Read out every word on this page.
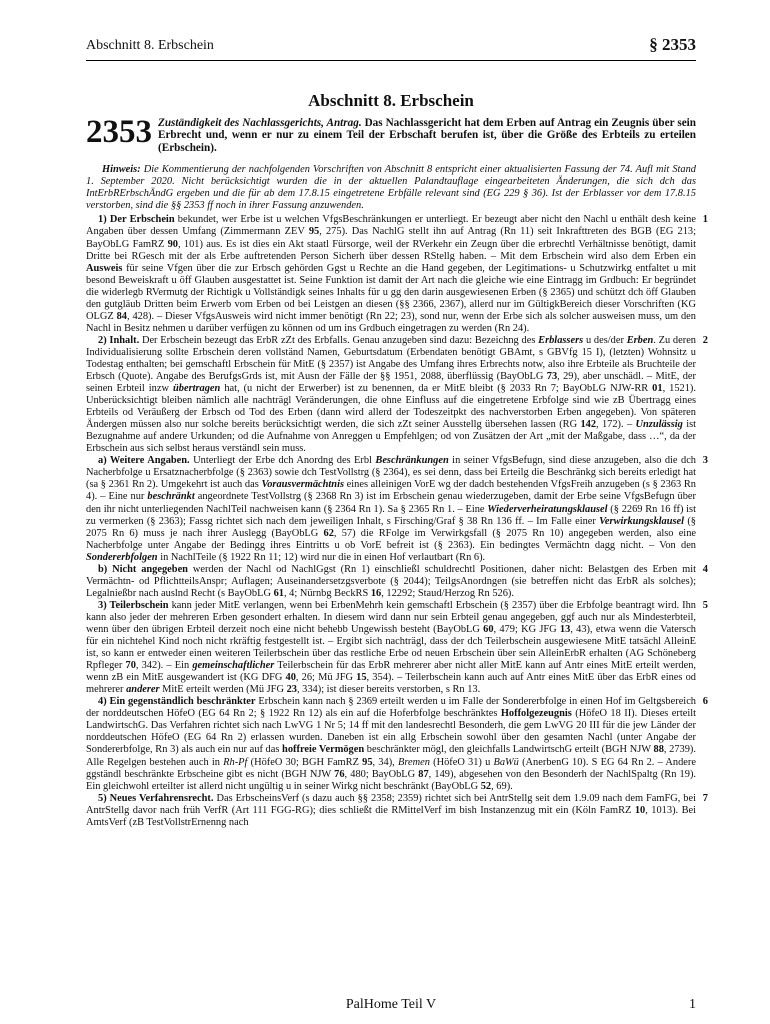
Abschnitt 8. Erbschein	§ 2353
Abschnitt 8. Erbschein

2353 Zuständigkeit des Nachlassgerichts, Antrag. Das Nachlassgericht hat dem Erben auf Antrag ein Zeugnis über sein Erbrecht und, wenn er nur zu einem Teil der Erbschaft berufen ist, über die Größe des Erbteils zu erteilen (Erbschein).

Hinweis: Die Kommentierung der nachfolgenden Vorschriften von Abschnitt 8 entspricht einer aktualisierten Fassung der 74. Aufl mit Stand 1. September 2020. Nicht berücksichtigt wurden die in der aktuellen Palandtauflage eingearbeiteten Änderungen, die sich dch das IntErbRErbschÄndG ergeben und die für ab dem 17.8.15 eingetretene Erbfälle relevant sind (EG 229 § 36). Ist der Erblasser vor dem 17.8.15 verstorben, sind die §§ 2353 ff noch in ihrer Fassung anzuwenden.

1) Der Erbschein bekundet, wer Erbe ist u welchen VfgsBeschränkungen er unterliegt. Er bezeugt aber nicht den Nachl u enthält desh keine Angaben über dessen Umfang (Zimmermann ZEV 95, 275). Das NachlG stellt ihn auf Antrag (Rn 11) seit Inkrafttreten des BGB (EG 213; BayObLG FamRZ 90, 101) aus. Es ist dies ein Akt staatl Fürsorge, weil der RVerkehr ein Zeugn über die erbrechtl Verhältnisse benötigt, damit Dritte bei RGesch mit der als Erbe auftretenden Person Sicherh über dessen RStellg haben. – Mit dem Erbschein wird also dem Erben ein Ausweis für seine Vfgen über die zur Erbsch gehörden Ggst u Rechte an die Hand gegeben, der Legitimations- u Schutzwirkg entfaltet u mit besond Beweiskraft u öff Glauben ausgestattet ist. Seine Funktion ist damit der Art nach die gleiche wie eine Eintragg im Grdbuch: Er begründet die widerlegb RVermutg der Richtigk u Vollständigk seines Inhalts für u gg den darin ausgewiesenen Erben (§ 2365) und schützt dch öff Glauben den gutgläub Dritten beim Erwerb vom Erben od bei Leistgen an diesen (§§ 2366, 2367), allerd nur im GültigkBereich dieser Vorschriften (KG OLGZ 84, 428). – Dieser VfgsAusweis wird nicht immer benötigt (Rn 22; 23), sond nur, wenn der Erbe sich als solcher ausweisen muss, um den Nachl in Besitz nehmen u darüber verfügen zu können od um ins Grdbuch eingetragen zu werden (Rn 24).
1

2) Inhalt. Der Erbschein bezeugt das ErbR zZt des Erbfalls. Genau anzugeben sind dazu: Bezeichng des Erblassers u des/der Erben. Zu deren Individualisierung sollte Erbschein deren vollständ Namen, Geburtsdatum (Erbendaten benötigt GBAmt, s GBVfg 15 I), (letzten) Wohnsitz u Todestag enthalten; bei gemschaftl Erbschein für MitE (§ 2357) ist Angabe des Umfang ihres Erbrechts notw, also ihre Erbteile als Bruchteile der Erbsch (Quote). Angabe des BerufgsGrds ist, mit Ausn der Fälle der §§ 1951, 2088, überflüssig (BayObLG 73, 29), aber unschädl. – MitE, der seinen Erbteil inzw übertragen hat, (u nicht der Erwerber) ist zu benennen, da er MitE bleibt (§ 2033 Rn 7; BayObLG NJW-RR 01, 1521). Unberücksichtigt bleiben nämlich alle nachträgl Veränderungen, die ohne Einfluss auf die eingetretene Erbfolge sind wie zB Übertragg eines Erbteils od Veräußerg der Erbsch od Tod des Erben (dann wird allerd der Todeszeitpkt des nachverstorben Erben angegeben). Von späteren Ändergen müssen also nur solche bereits berücksichtigt werden, die sich zZt seiner Ausstellg übersehen lassen (RG 142, 172). – Unzulässig ist Bezugnahme auf andere Urkunden; od die Aufnahme von Anreggen u Empfehlgen; od von Zusätzen der Art „mit der Maßgabe, dass …“, da der Erbschein aus sich selbst heraus verständl sein muss.
2

a) Weitere Angaben. Unterliegt der Erbe dch Anordng des Erbl Beschränkungen in seiner VfgsBefugn, sind diese anzugeben, also die dch Nacherbfolge u Ersatznacherbfolge (§ 2363) sowie dch TestVollstrg (§ 2364), es sei denn, dass bei Erteilg die Beschränkg sich bereits erledigt hat (sa § 2361 Rn 2). Umgekehrt ist auch das Vorausvermächtnis eines alleinigen VorE wg der dadch bestehenden VfgsFreih anzugeben (s § 2363 Rn 4). – Eine nur beschränkt angeordnete TestVollstrg (§ 2368 Rn 3) ist im Erbschein genau wiederzugeben, damit der Erbe seine VfgsBefugn über den ihr nicht unterliegenden NachlTeil nachweisen kann (§ 2364 Rn 1). Sa § 2365 Rn 1. – Eine Wiederverheiratungsklausel (§ 2269 Rn 16 ff) ist zu vermerken (§ 2363); Fassg richtet sich nach dem jeweiligen Inhalt, s Firsching/Graf § 38 Rn 136 ff. – Im Falle einer Verwirkungsklausel (§ 2075 Rn 6) muss je nach ihrer Auslegg (BayObLG 62, 57) die RFolge im Verwirkgsfall (§ 2075 Rn 10) angegeben werden, also eine Nacherbfolge unter Angabe der Bedingg ihres Eintritts u ob VorE befreit ist (§ 2363). Ein bedingtes Vermächtn dagg nicht. – Von den Sondererbfolgen in NachlTeile (§ 1922 Rn 11; 12) wird nur die in einen Hof verlautbart (Rn 6).
3

b) Nicht angegeben werden der Nachl od NachlGgst (Rn 1) einschließl schuldrechtl Positionen, daher nicht: Belastgen des Erben mit Vermächtn- od PflichtteilsAnspr; Auflagen; Auseinandersetzgsverbote (§ 2044); TeilgsAnordngen (sie betreffen nicht das ErbR als solches); Legalnießbr nach auslnd Recht (s BayObLG 61, 4; Nürnbg BeckRS 16, 12292; Staud/Herzog Rn 526).
4

3) Teilerbschein kann jeder MitE verlangen, wenn bei ErbenMehrh kein gemschaftl Erbschein (§ 2357) über die Erbfolge beantragt wird. Ihn kann also jeder der mehreren Erben gesondert erhalten. In diesem wird dann nur sein Erbteil genau angegeben, ggf auch nur als Mindesterbteil, wenn über den übrigen Erbteil derzeit noch eine nicht behebb Ungewissh besteht (BayObLG 60, 479; KG JFG 13, 43), etwa wenn die Vatersch für ein nichtehel Kind noch nicht rkräftig festgestellt ist. – Ergibt sich nachträgl, dass der dch Teilerbschein ausgewiesene MitE tatsächl AlleinE ist, so kann er entweder einen weiteren Teilerbschein über das restliche Erbe od neuen Erbschein über sein AlleinErbR erhalten (AG Schöneberg Rpfleger 70, 342). – Ein gemeinschaftlicher Teilerbschein für das ErbR mehrerer aber nicht aller MitE kann auf Antr eines MitE erteilt werden, wenn zB ein MitE ausgewandert ist (KG DFG 40, 26; Mü JFG 15, 354). – Teilerbschein kann auch auf Antr eines MitE über das ErbR eines od mehrerer anderer MitE erteilt werden (Mü JFG 23, 334); ist dieser bereits verstorben, s Rn 13.
5

4) Ein gegenständlich beschränkter Erbschein kann nach § 2369 erteilt werden u im Falle der Sondererbfolge in einen Hof im Geltgsbereich der norddeutschen HöfeO (EG 64 Rn 2; § 1922 Rn 12) als ein auf die Hoferbfolge beschränktes Hoffolgezeugnis (HöfeO 18 II). Dieses erteilt LandwirtschG. Das Verfahren richtet sich nach LwVG 1 Nr 5; 14 ff mit den landesrechtl Besonderh, die gem LwVG 20 III für die jew Länder der norddeutschen HöfeO (EG 64 Rn 2) erlassen wurden. Daneben ist ein allg Erbschein sowohl über den gesamten Nachl (unter Angabe der Sondererbfolge, Rn 3) als auch ein nur auf das hoffreie Vermögen beschränkter mögl, den gleichfalls LandwirtschG erteilt (BGH NJW 88, 2739). Alle Regelgen bestehen auch in Rh-Pf (HöfeO 30; BGH FamRZ 95, 34), Bremen (HöfeO 31) u BaWü (AnerbenG 10). S EG 64 Rn 2. – Andere ggständl beschränkte Erbscheine gibt es nicht (BGH NJW 76, 480; BayObLG 87, 149), abgesehen von den Besonderh der NachlSpaltg (Rn 19). Ein gleichwohl erteilter ist allerd nicht ungültig u in seiner Wirkg nicht beschränkt (BayObLG 52, 69).
6

5) Neues Verfahrensrecht. Das ErbscheinsVerf (s dazu auch §§ 2358; 2359) richtet sich bei AntrStellg seit dem 1.9.09 nach dem FamFG, bei AntrStellg davor nach früh VerfR (Art 111 FGG-RG); dies schließt die RMittelVerf im bish Instanzenzug mit ein (Köln FamRZ 10, 1013). Bei AmtsVerf (zB TestVollstrErnenng nach
7

PalHome Teil V	1
